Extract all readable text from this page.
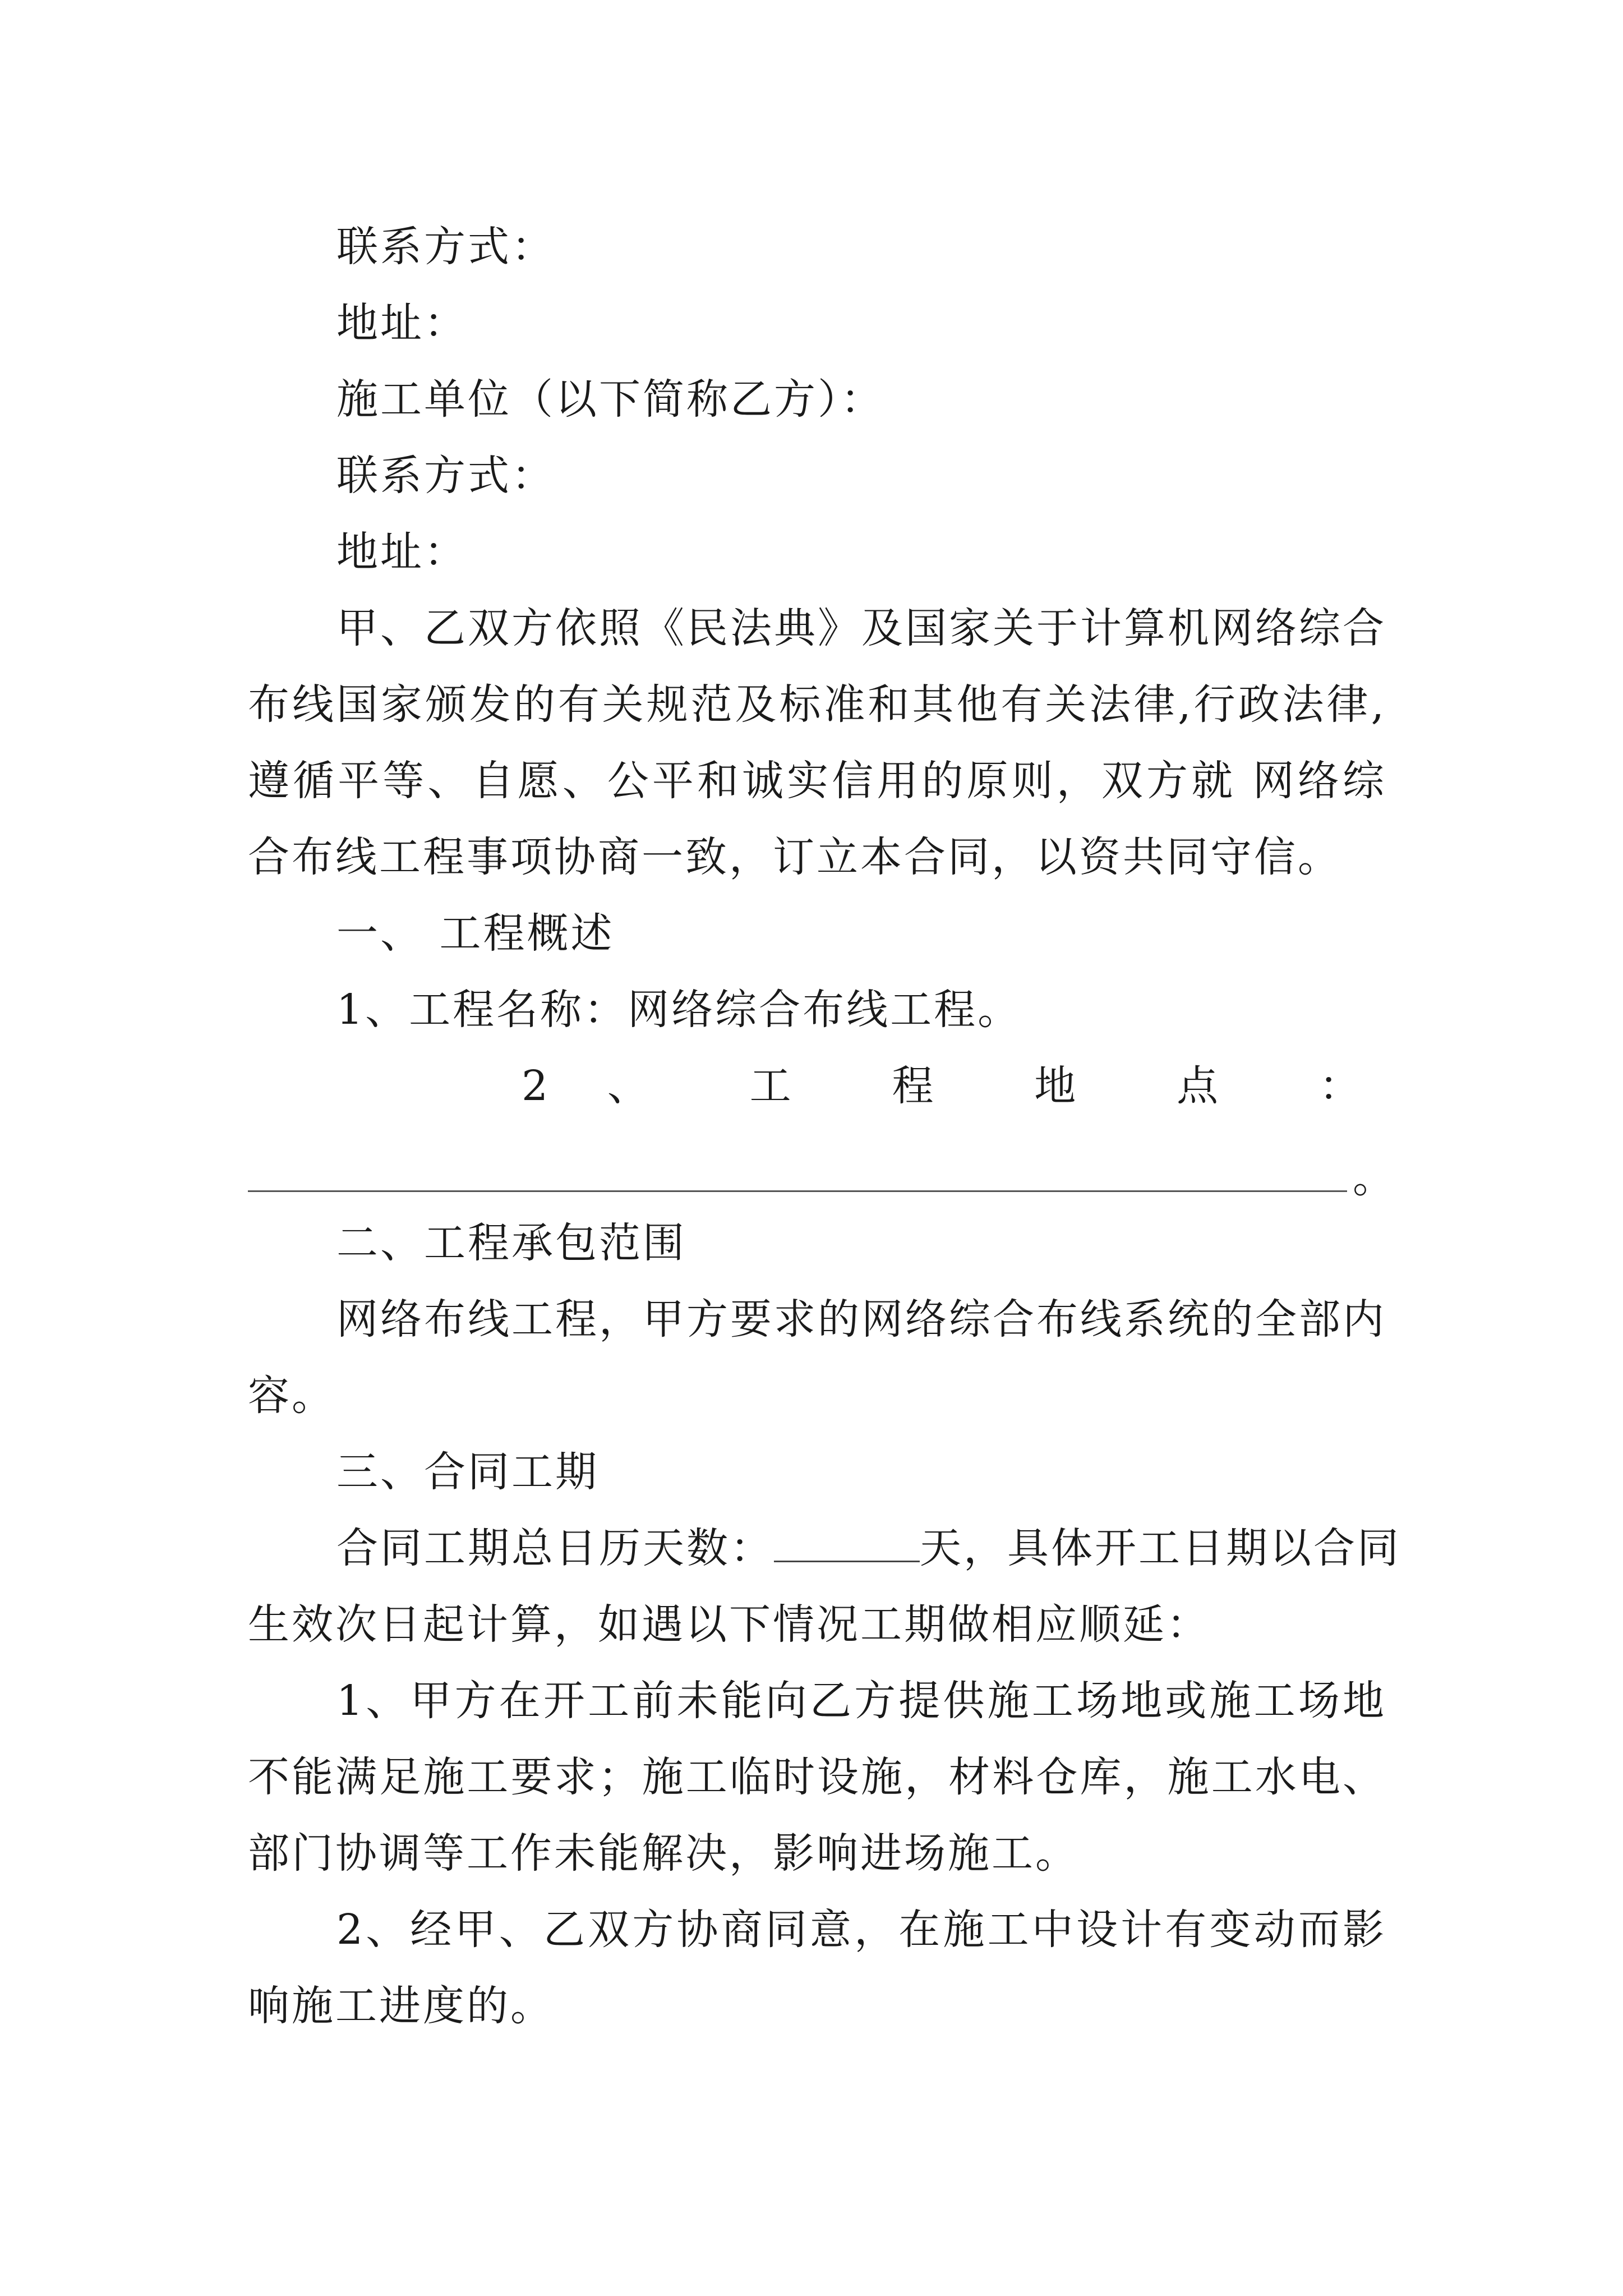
联系方式：
地址：
施工单位（以下简称乙方）：
联系方式：
地址：
甲、乙双方依照《民法典》及国家关于计算机网络综合
布线国家颁发的有关规范及标准和其他有关法律,行政法律,
遵循平等、自愿、公平和诚实信用的原则，双方就 网络综
合布线工程事项协商一致，订立本合同，以资共同守信。
一、 工程概述
1、工程名称：网络综合布线工程。
2 、 工 程 地 点 ：
。
二、工程承包范围
网络布线工程，甲方要求的网络综合布线系统的全部内
容。
三、合同工期
合同工期总日历天数：	天，具体开工日期以合同
生效次日起计算，如遇以下情况工期做相应顺延：
1、甲方在开工前未能向乙方提供施工场地或施工场地
不能满足施工要求；施工临时设施，材料仓库，施工水电、
部门协调等工作未能解决，影响进场施工。
2、经甲、乙双方协商同意，在施工中设计有变动而影
响施工进度的。
